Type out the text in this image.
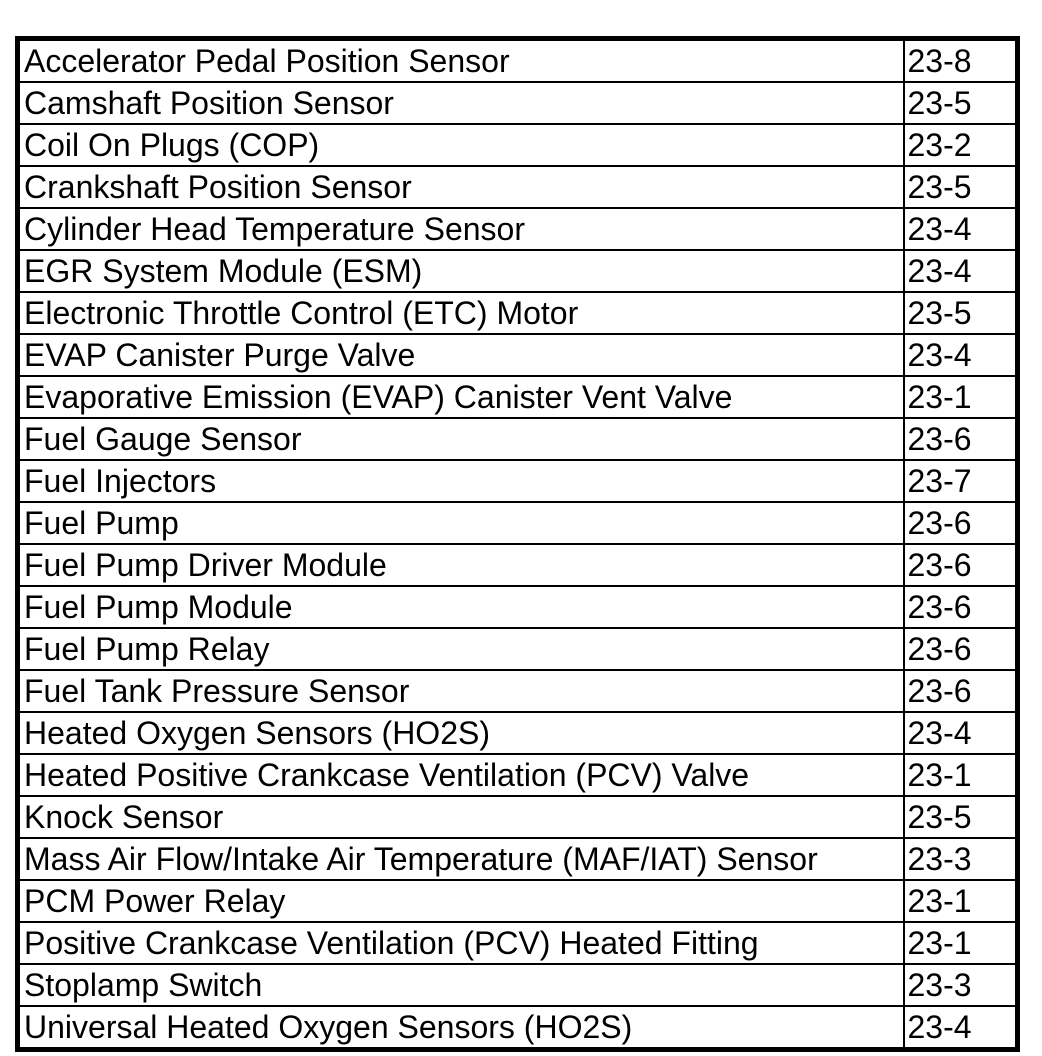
Accelerator Pedal Position Sensor	23-8
Camshaft Position Sensor	23-5
Coil On Plugs (COP)	23-2
Crankshaft Position Sensor	23-5
Cylinder Head Temperature Sensor	23-4
EGR System Module (ESM)	23-4
Electronic Throttle Control (ETC) Motor	23-5
EVAP Canister Purge Valve	23-4
Evaporative Emission (EVAP) Canister Vent Valve	23-1
Fuel Gauge Sensor	23-6
Fuel Injectors	23-7
Fuel Pump	23-6
Fuel Pump Driver Module	23-6
Fuel Pump Module	23-6
Fuel Pump Relay	23-6
Fuel Tank Pressure Sensor	23-6
Heated Oxygen Sensors (HO2S)	23-4
Heated Positive Crankcase Ventilation (PCV) Valve	23-1
Knock Sensor	23-5
Mass Air Flow/Intake Air Temperature (MAF/IAT) Sensor	23-3
PCM Power Relay	23-1
Positive Crankcase Ventilation (PCV) Heated Fitting	23-1
Stoplamp Switch	23-3
Universal Heated Oxygen Sensors (HO2S)	23-4
